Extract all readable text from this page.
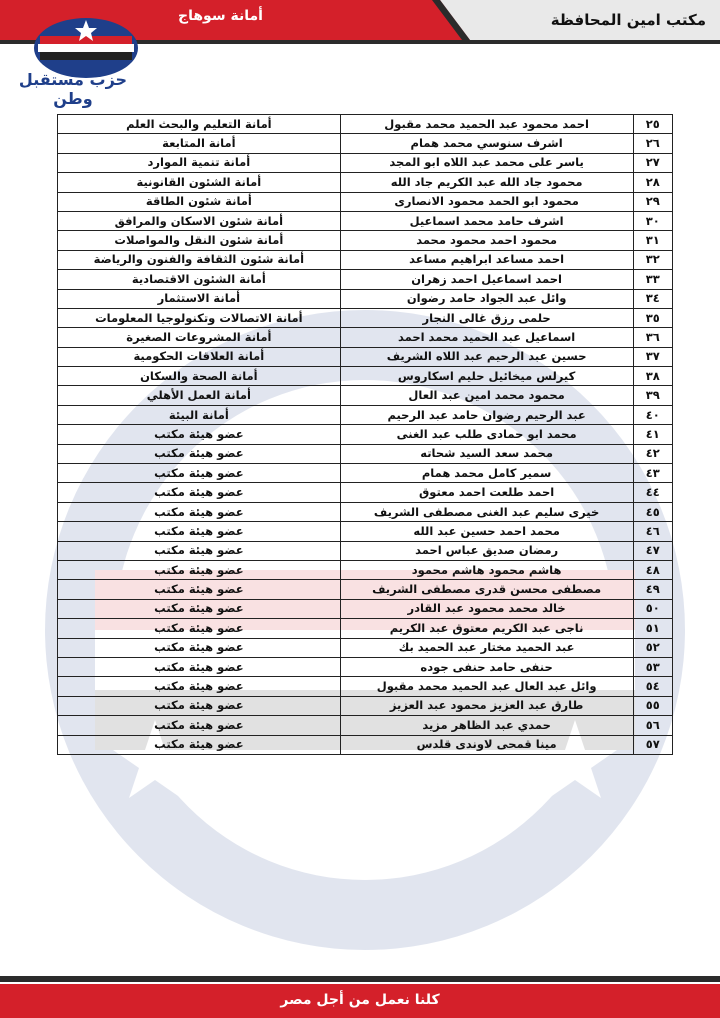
مكتب امين المحافظة
أمانة سوهاج
حزب مستقبل وطن
٢٥	احمد محمود عبد الحميد محمد مقبول	أمانة التعليم والبحث العلم
٢٦	اشرف سنوسي محمد همام	أمانة المتابعة
٢٧	ياسر على محمد عبد اللاه ابو المجد	أمانة تنمية الموارد
٢٨	محمود جاد الله عبد الكريم جاد الله	أمانة الشئون القانونية
٢٩	محمود ابو الحمد محمود الانصارى	أمانة شئون الطاقة
٣٠	اشرف حامد محمد اسماعيل	أمانة شئون الاسكان والمرافق
٣١	محمود احمد محمود محمد	أمانة شئون النقل والمواصلات
٣٢	احمد مساعد ابراهيم مساعد	أمانة شئون الثقافة والفنون والرياضة
٣٣	احمد اسماعيل احمد زهران	أمانة الشئون الاقتصادية
٣٤	وائل عبد الجواد حامد رضوان	أمانة الاستثمار
٣٥	حلمى رزق غالى النجار	أمانة الاتصالات وتكنولوجيا المعلومات
٣٦	اسماعيل عبد الحميد محمد احمد	أمانة المشروعات الصغيرة
٣٧	حسين عبد الرحيم عبد اللاه الشريف	أمانة العلاقات الحكومية
٣٨	كيرلس ميخائيل حليم اسكاروس	أمانة الصحة والسكان
٣٩	محمود محمد امين عبد العال	أمانة العمل الأهلي
٤٠	عبد الرحيم رضوان حامد عبد الرحيم	أمانة البيئة
٤١	محمد ابو حمادى طلب عبد الغنى	عضو هيئة مكتب
٤٢	محمد سعد السيد شحاته	عضو هيئة مكتب
٤٣	سمير كامل محمد همام	عضو هيئة مكتب
٤٤	احمد طلعت احمد معتوق	عضو هيئة مكتب
٤٥	خيرى سليم عبد الغنى مصطفى الشريف	عضو هيئة مكتب
٤٦	محمد احمد حسين عبد الله	عضو هيئة مكتب
٤٧	رمضان صديق عباس احمد	عضو هيئة مكتب
٤٨	هاشم محمود هاشم محمود	عضو هيئة مكتب
٤٩	مصطفى محسن قدرى مصطفى الشريف	عضو هيئة مكتب
٥٠	خالد محمد محمود عبد القادر	عضو هيئة مكتب
٥١	ناجى عبد الكريم معتوق عبد الكريم	عضو هيئة مكتب
٥٢	عبد الحميد مختار عبد الحميد بك	عضو هيئة مكتب
٥٣	حنفى حامد حنفى جوده	عضو هيئة مكتب
٥٤	وائل عبد العال عبد الحميد محمد مقبول	عضو هيئة مكتب
٥٥	طارق عبد العزيز محمود عبد العزيز	عضو هيئة مكتب
٥٦	حمدي عبد الظاهر مزيد	عضو هيئة مكتب
٥٧	مينا قمحى لاوندى قلدس	عضو هيئة مكتب
كلنا نعمل من أجل مصر
